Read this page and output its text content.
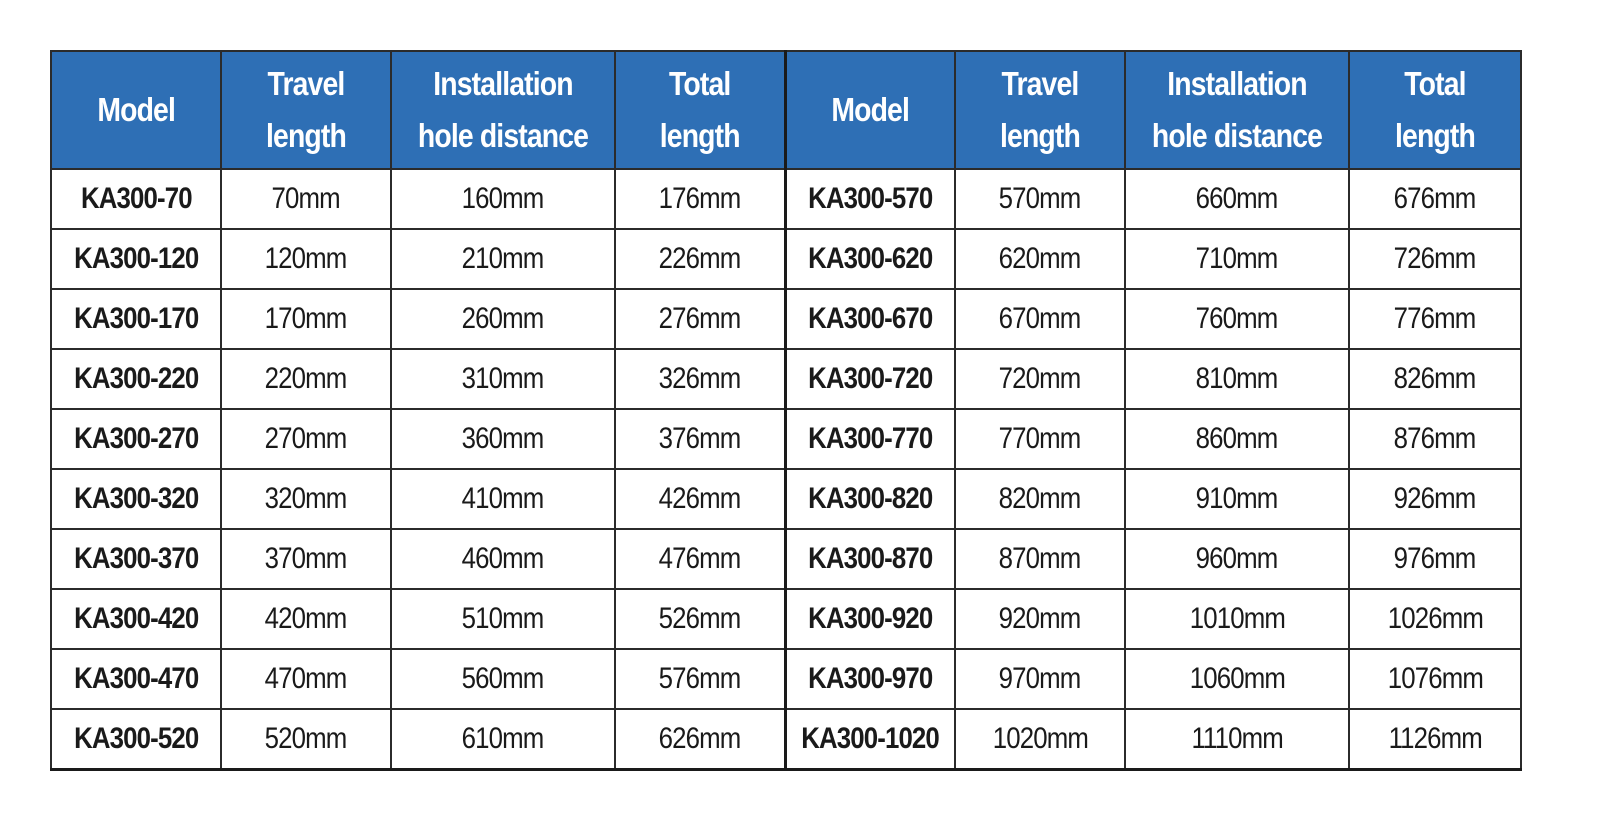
Model	Travel length	Installation hole distance	Total length	Model	Travel length	Installation hole distance	Total length
KA300-70	70mm	160mm	176mm	KA300-570	570mm	660mm	676mm
KA300-120	120mm	210mm	226mm	KA300-620	620mm	710mm	726mm
KA300-170	170mm	260mm	276mm	KA300-670	670mm	760mm	776mm
KA300-220	220mm	310mm	326mm	KA300-720	720mm	810mm	826mm
KA300-270	270mm	360mm	376mm	KA300-770	770mm	860mm	876mm
KA300-320	320mm	410mm	426mm	KA300-820	820mm	910mm	926mm
KA300-370	370mm	460mm	476mm	KA300-870	870mm	960mm	976mm
KA300-420	420mm	510mm	526mm	KA300-920	920mm	1010mm	1026mm
KA300-470	470mm	560mm	576mm	KA300-970	970mm	1060mm	1076mm
KA300-520	520mm	610mm	626mm	KA300-1020	1020mm	1110mm	1126mm
